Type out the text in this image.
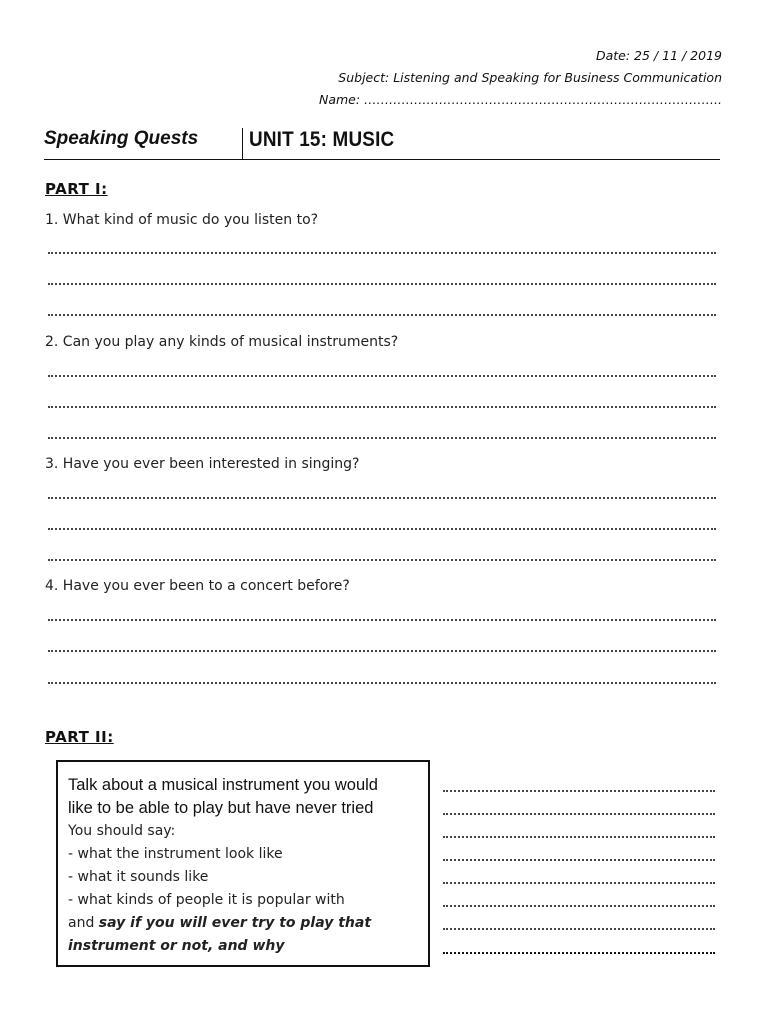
Date: 25 / 11 / 2019
Subject: Listening and Speaking for Business Communication
Name: …………………………………………………………………………..
Speaking Quests UNIT 15: MUSIC
PART I:
1. What kind of music do you listen to?
2. Can you play any kinds of musical instruments?
3. Have you ever been interested in singing?
4. Have you ever been to a concert before?
PART II:
Talk about a musical instrument you would
like to be able to play but have never tried
You should say:
- what the instrument look like
- what it sounds like
- what kinds of people it is popular with
and say if you will ever try to play that
instrument or not, and why
